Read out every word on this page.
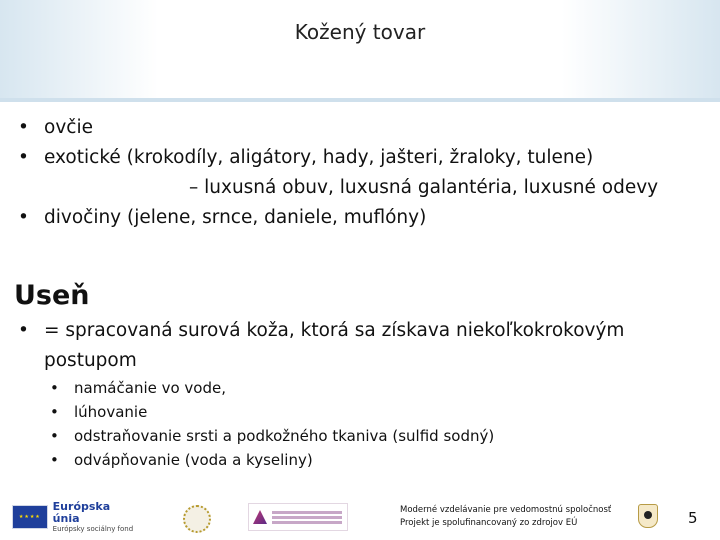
Kožený tovar
• ovčie
• exotické (krokodíly, aligátory, hady, jašteri, žraloky, tulene)
– luxusná obuv, luxusná galantéria, luxusné odevy
• divočiny (jelene, srnce, daniele, muflóny)
Useň
• = spracovaná surová koža, ktorá sa získava niekoľkokrokovým postupom
• namáčanie vo vode,
• lúhovanie
• odstraňovanie srsti a podkožného tkaniva (sulfid sodný)
• odvápňovanie (voda a kyseliny)
★★★★
Európska únia
Európsky sociálny fond
Moderné vzdelávanie pre vedomostnú spoločnosť
Projekt je spolufinancovaný zo zdrojov EÚ	5
